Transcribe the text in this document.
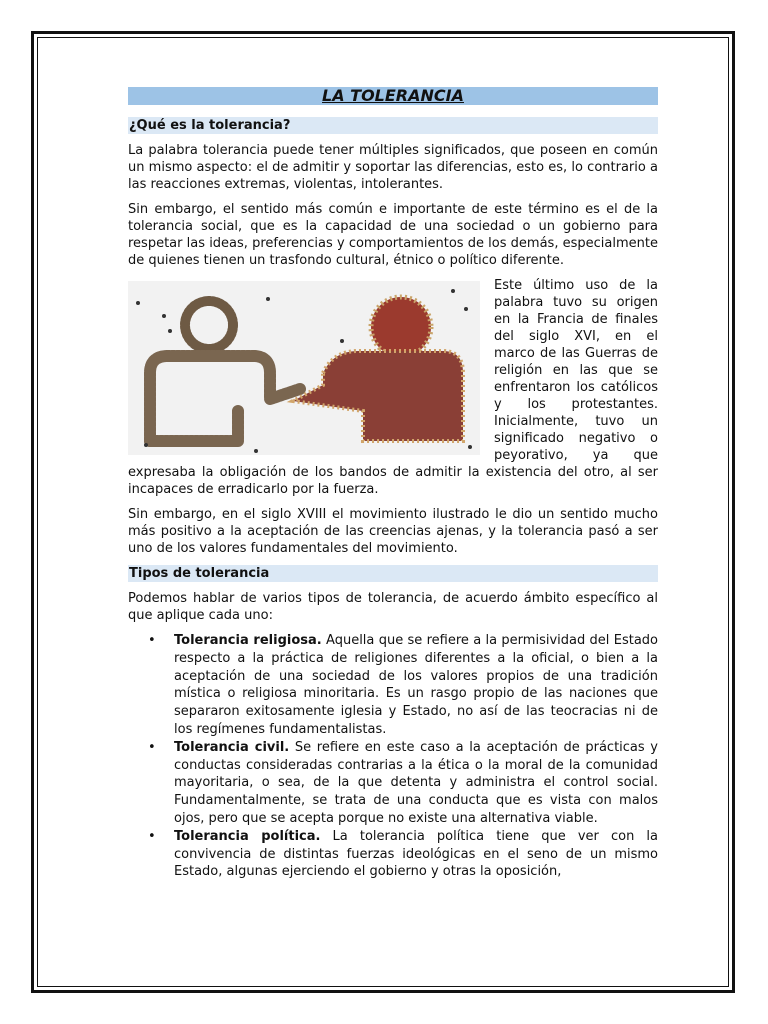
LA TOLERANCIA
¿Qué es la tolerancia?

La palabra tolerancia puede tener múltiples significados, que poseen en común un mismo aspecto: el de admitir y soportar las diferencias, esto es, lo contrario a las reacciones extremas, violentas, intolerantes.

Sin embargo, el sentido más común e importante de este término es el de la tolerancia social, que es la capacidad de una sociedad o un gobierno para respetar las ideas, preferencias y comportamientos de los demás, especialmente de quienes tienen un trasfondo cultural, étnico o político diferente.

Este último uso de la palabra tuvo su origen en la Francia de finales del siglo XVI, en el marco de las Guerras de religión en las que se enfrentaron los católicos y los protestantes. Inicialmente, tuvo un significado negativo o peyorativo, ya que expresaba la obligación de los bandos de admitir la existencia del otro, al ser incapaces de erradicarlo por la fuerza.

Sin embargo, en el siglo XVIII el movimiento ilustrado le dio un sentido mucho más positivo a la aceptación de las creencias ajenas, y la tolerancia pasó a ser uno de los valores fundamentales del movimiento.

Tipos de tolerancia

Podemos hablar de varios tipos de tolerancia, de acuerdo ámbito específico al que aplique cada uno:

• Tolerancia religiosa. Aquella que se refiere a la permisividad del Estado respecto a la práctica de religiones diferentes a la oficial, o bien a la aceptación de una sociedad de los valores propios de una tradición mística o religiosa minoritaria. Es un rasgo propio de las naciones que separaron exitosamente iglesia y Estado, no así de las teocracias ni de los regímenes fundamentalistas.
• Tolerancia civil. Se refiere en este caso a la aceptación de prácticas y conductas consideradas contrarias a la ética o la moral de la comunidad mayoritaria, o sea, de la que detenta y administra el control social. Fundamentalmente, se trata de una conducta que es vista con malos ojos, pero que se acepta porque no existe una alternativa viable.
• Tolerancia política. La tolerancia política tiene que ver con la convivencia de distintas fuerzas ideológicas en el seno de un mismo Estado, algunas ejerciendo el gobierno y otras la oposición,
